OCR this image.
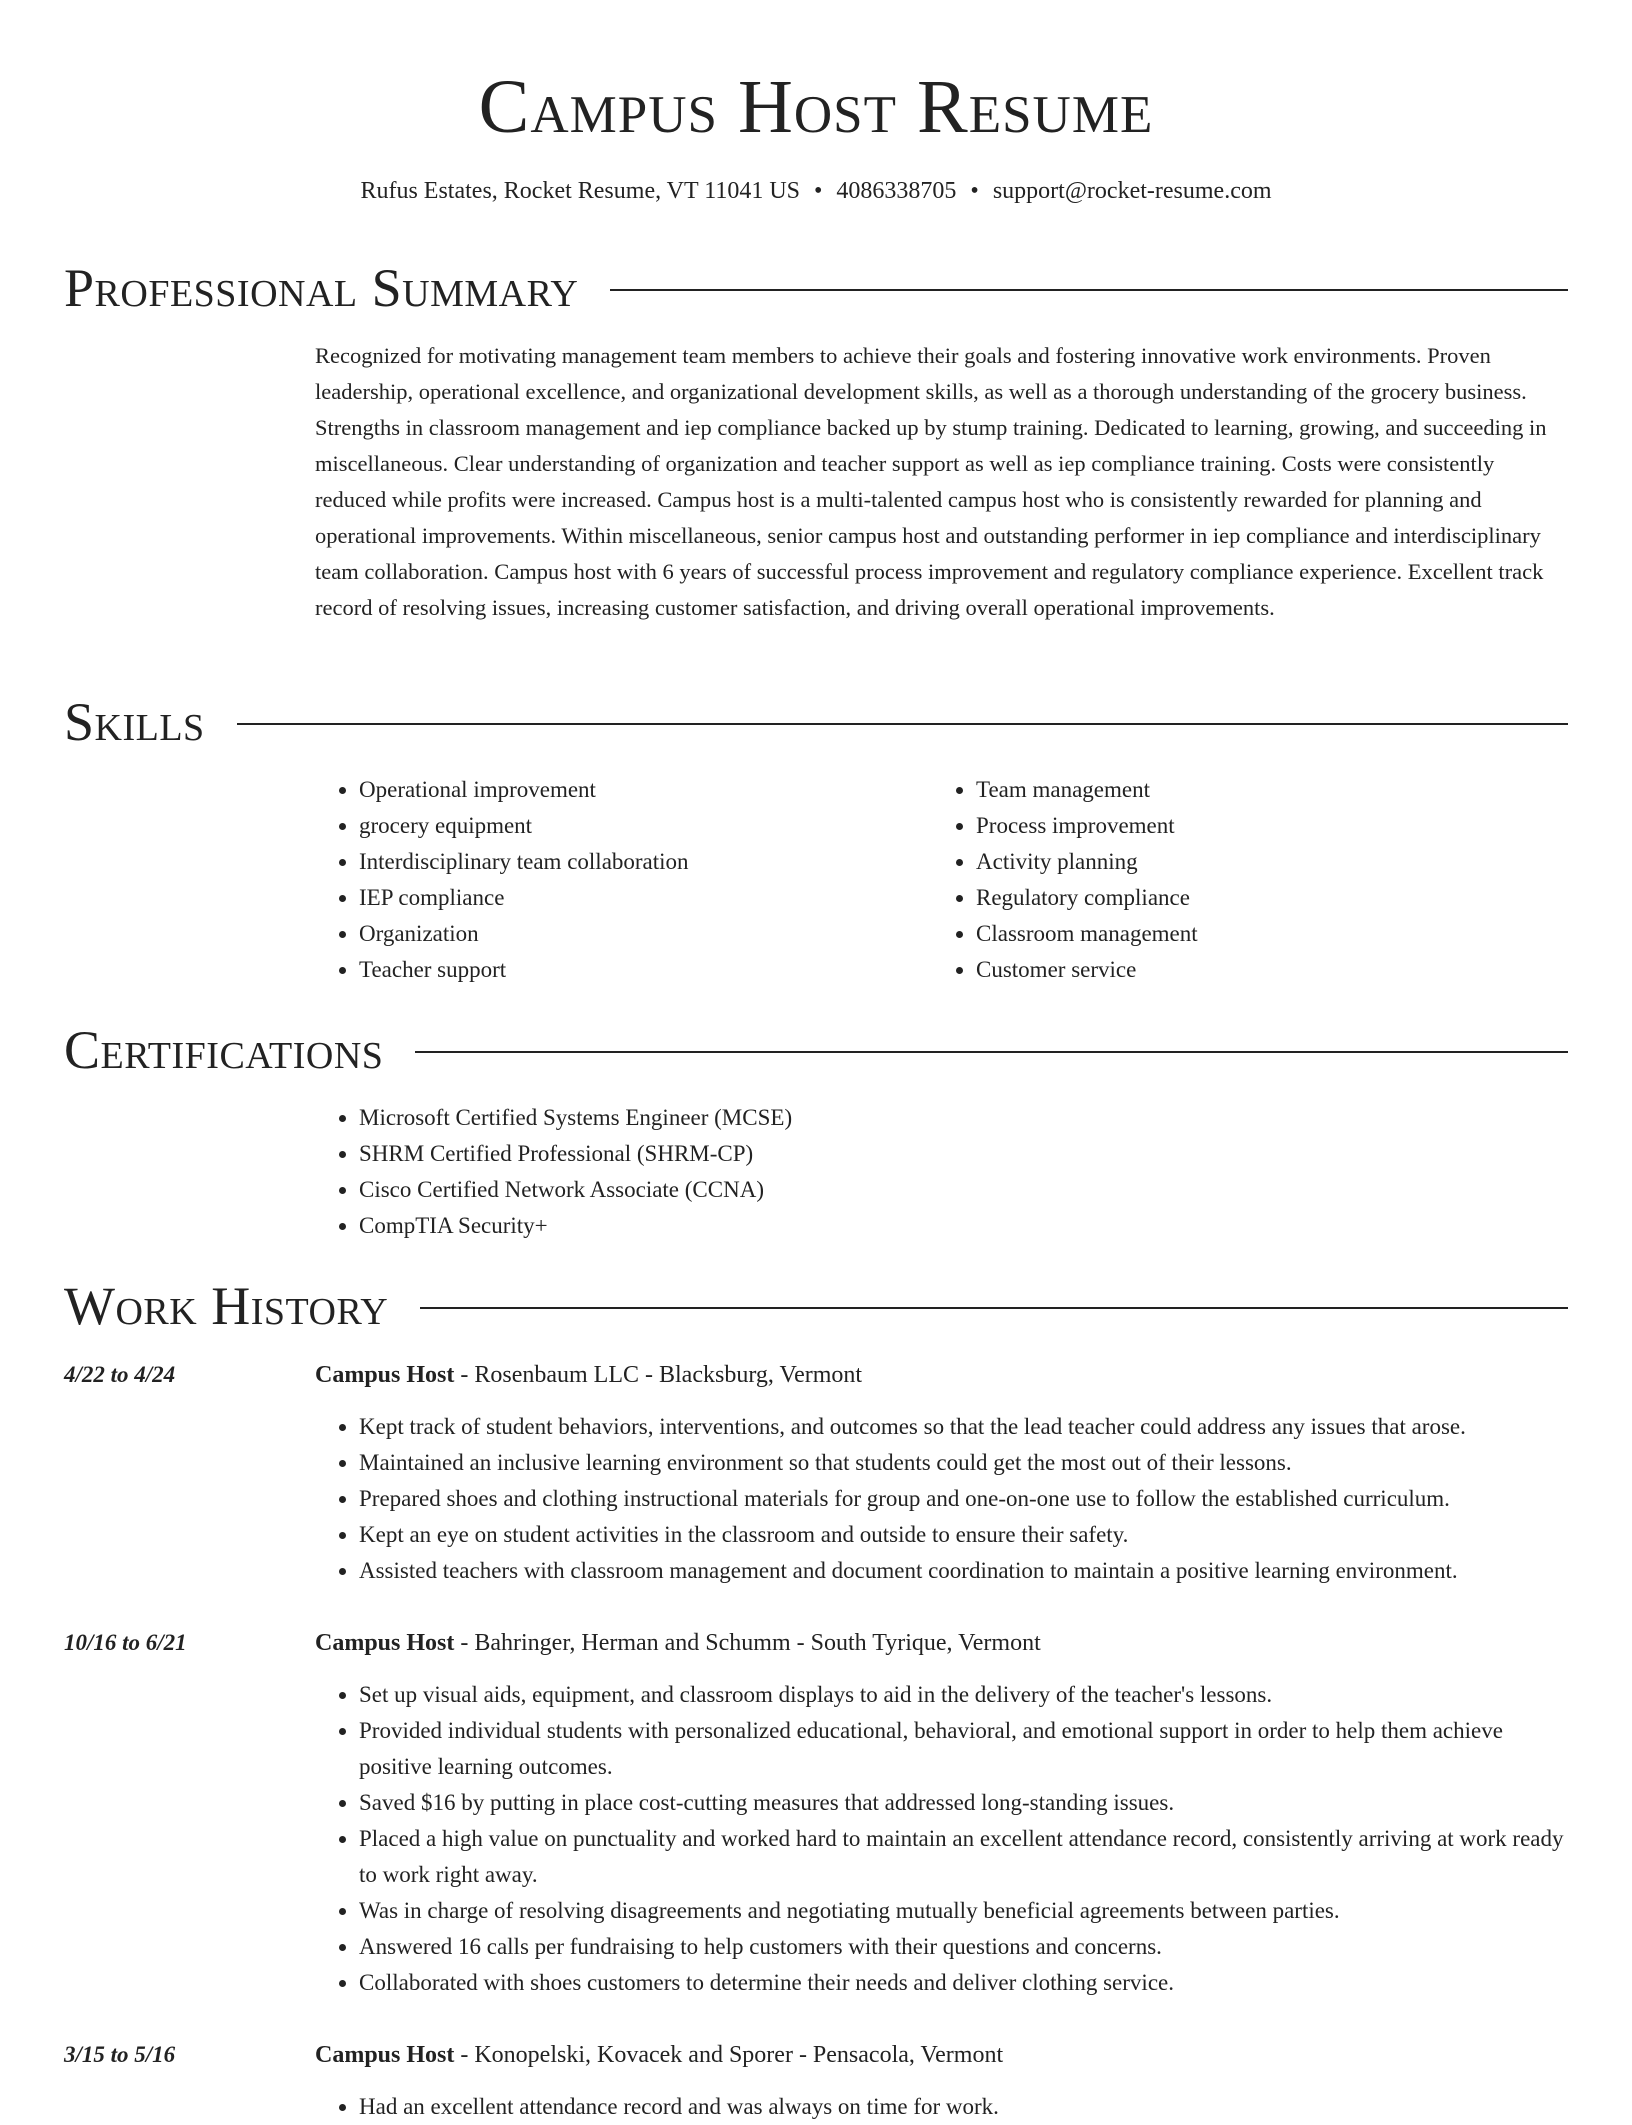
Campus Host Resume
Rufus Estates, Rocket Resume, VT 11041 US • 4086338705 • support@rocket-resume.com
Professional Summary

Recognized for motivating management team members to achieve their goals and fostering innovative work environments. Proven leadership, operational excellence, and organizational development skills, as well as a thorough understanding of the grocery business. Strengths in classroom management and iep compliance backed up by stump training. Dedicated to learning, growing, and succeeding in miscellaneous. Clear understanding of organization and teacher support as well as iep compliance training. Costs were consistently reduced while profits were increased. Campus host is a multi-talented campus host who is consistently rewarded for planning and operational improvements. Within miscellaneous, senior campus host and outstanding performer in iep compliance and interdisciplinary team collaboration. Campus host with 6 years of successful process improvement and regulatory compliance experience. Excellent track record of resolving issues, increasing customer satisfaction, and driving overall operational improvements.

Skills
• Operational improvement
• grocery equipment
• Interdisciplinary team collaboration
• IEP compliance
• Organization
• Teacher support
• Team management
• Process improvement
• Activity planning
• Regulatory compliance
• Classroom management
• Customer service
Certifications
• Microsoft Certified Systems Engineer (MCSE)
• SHRM Certified Professional (SHRM-CP)
• Cisco Certified Network Associate (CCNA)
• CompTIA Security+
Work History
4/22 to 4/24	Campus Host - Rosenbaum LLC - Blacksburg, Vermont
• Kept track of student behaviors, interventions, and outcomes so that the lead teacher could address any issues that arose.
• Maintained an inclusive learning environment so that students could get the most out of their lessons.
• Prepared shoes and clothing instructional materials for group and one-on-one use to follow the established curriculum.
• Kept an eye on student activities in the classroom and outside to ensure their safety.
• Assisted teachers with classroom management and document coordination to maintain a positive learning environment.
10/16 to 6/21	Campus Host - Bahringer, Herman and Schumm - South Tyrique, Vermont
• Set up visual aids, equipment, and classroom displays to aid in the delivery of the teacher's lessons.
• Provided individual students with personalized educational, behavioral, and emotional support in order to help them achieve positive learning outcomes.
• Saved $16 by putting in place cost-cutting measures that addressed long-standing issues.
• Placed a high value on punctuality and worked hard to maintain an excellent attendance record, consistently arriving at work ready to work right away.
• Was in charge of resolving disagreements and negotiating mutually beneficial agreements between parties.
• Answered 16 calls per fundraising to help customers with their questions and concerns.
• Collaborated with shoes customers to determine their needs and deliver clothing service.
3/15 to 5/16	Campus Host - Konopelski, Kovacek and Sporer - Pensacola, Vermont
• Had an excellent attendance record and was always on time for work.
